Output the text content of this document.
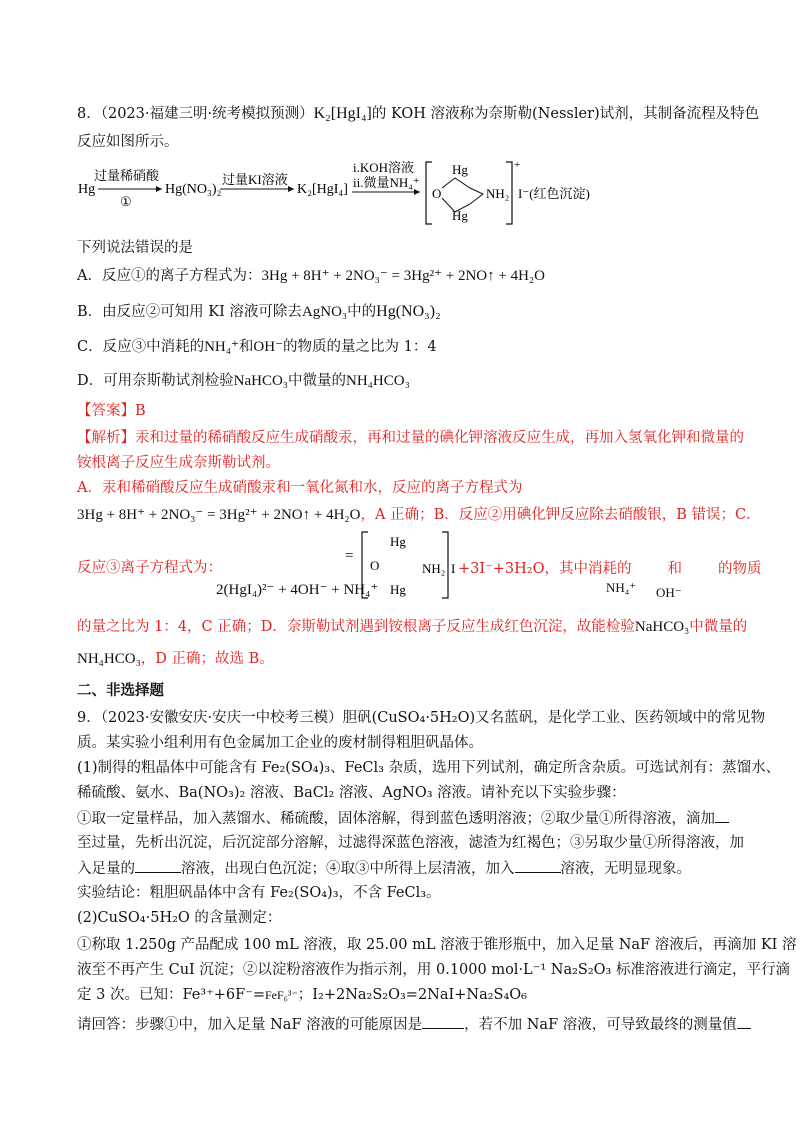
8．（2023·福建三明·统考模拟预测）K₂[HgI₄]的 KOH 溶液称为奈斯勒(Nessler)试剂，其制备流程及特色
反应如图所示。
Hg
过量稀硝酸
①
Hg(NO₃)₂
过量KI溶液
K₂[HgI₄]
i.KOH溶液
ii.微量NH₄⁺
Hg
O	NH₂
Hg
+
I⁻(红色沉淀)
下列说法错误的是
A．反应①的离子方程式为：3Hg + 8H⁺ + 2NO₃⁻ = 3Hg²⁺ + 2NO↑ + 4H₂O
B．由反应②可知用 KI 溶液可除去AgNO₃中的Hg(NO₃)₂
C．反应③中消耗的NH₄⁺和OH⁻的物质的量之比为 1：4
D．可用奈斯勒试剂检验NaHCO₃中微量的NH₄HCO₃
【答案】B
【解析】汞和过量的稀硝酸反应生成硝酸汞，再和过量的碘化钾溶液反应生成，再加入氢氧化钾和微量的
铵根离子反应生成奈斯勒试剂。
A．汞和稀硝酸反应生成硝酸汞和一氧化氮和水，反应的离子方程式为
3Hg + 8H⁺ + 2NO₃⁻ = 3Hg²⁺ + 2NO↑ + 4H₂O，A 正确；B．反应②用碘化钾反应除去硝酸银，B 错误；C．
反应③离子方程式为：
2(HgI₄)²⁻ + 4OH⁻ + NH₄⁺
=
Hg
O	NH₂
Hg
I +3I⁻+3H₂O，其中消耗的 和 的物质
NH₄⁺ OH⁻
的量之比为 1：4，C 正确；D．奈斯勒试剂遇到铵根离子反应生成红色沉淀，故能检验NaHCO₃中微量的
NH₄HCO₃，D 正确；故选 B。
二、非选择题
9．（2023·安徽安庆·安庆一中校考三模）胆矾(CuSO₄·5H₂O)又名蓝矾，是化学工业、医药领域中的常见物
质。某实验小组利用有色金属加工企业的废材制得粗胆矾晶体。
(1)制得的粗晶体中可能含有 Fe₂(SO₄)₃、FeCl₃ 杂质，选用下列试剂，确定所含杂质。可选试剂有：蒸馏水、
稀硫酸、氨水、Ba(NO₃)₂ 溶液、BaCl₂ 溶液、AgNO₃ 溶液。请补充以下实验步骤：
①取一定量样品，加入蒸馏水、稀硫酸，固体溶解，得到蓝色透明溶液；②取少量①所得溶液，滴加
至过量，先析出沉淀，后沉淀部分溶解，过滤得深蓝色溶液，滤渣为红褐色；③另取少量①所得溶液，加
入足量的	溶液，出现白色沉淀；④取③中所得上层清液，加入	溶液，无明显现象。
实验结论：粗胆矾晶体中含有 Fe₂(SO₄)₃，不含 FeCl₃。
(2)CuSO₄·5H₂O 的含量测定：
①称取 1.250g 产品配成 100 mL 溶液，取 25.00 mL 溶液于锥形瓶中，加入足量 NaF 溶液后，再滴加 KI 溶
液至不再产生 CuI 沉淀；②以淀粉溶液作为指示剂，用 0.1000 mol·L⁻¹ Na₂S₂O₃ 标准溶液进行滴定，平行滴
定 3 次。已知：Fe³⁺+6F⁻=FeF₆³⁻；I₂+2Na₂S₂O₃=2NaI+Na₂S₄O₆
请回答：步骤①中，加入足量 NaF 溶液的可能原因是	，若不加 NaF 溶液，可导致最终的测量值
